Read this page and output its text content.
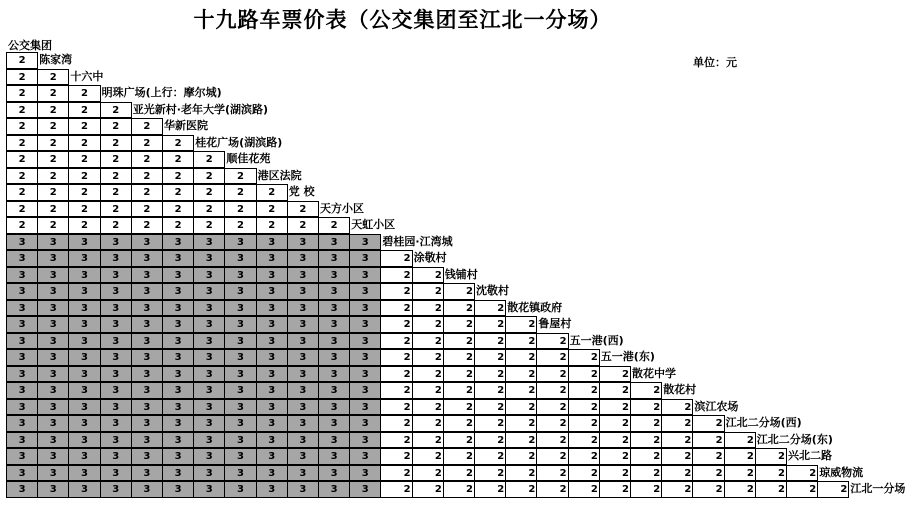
十九路车票价表（公交集团至江北一分场）
公交集团
单位：元
2	陈家湾
2	2	十六中
2	2	2	明珠广场(上行：摩尔城)
2	2	2	2	亚光新村·老年大学(湖滨路)
2	2	2	2	2	华新医院
2	2	2	2	2	2	桂花广场(湖滨路)
2	2	2	2	2	2	2	顺佳花苑
2	2	2	2	2	2	2	2	港区法院
2	2	2	2	2	2	2	2	2	党 校
2	2	2	2	2	2	2	2	2	2	天方小区
2	2	2	2	2	2	2	2	2	2	2	天虹小区
3	3	3	3	3	3	3	3	3	3	3	3	碧桂园·江湾城
3	3	3	3	3	3	3	3	3	3	3	3	2 涂敬村
3	3	3	3	3	3	3	3	3	3	3	3	2	2 钱铺村
3	3	3	3	3	3	3	3	3	3	3	3	2	2	2 沈敬村
3	3	3	3	3	3	3	3	3	3	3	3	2	2	2	2 散花镇政府
3	3	3	3	3	3	3	3	3	3	3	3	2	2	2	2	2 鲁屋村
3	3	3	3	3	3	3	3	3	3	3	3	2	2	2	2	2	2 五一港(西)
3	3	3	3	3	3	3	3	3	3	3	3	2	2	2	2	2	2	2 五一港(东)
3	3	3	3	3	3	3	3	3	3	3	3	2	2	2	2	2	2	2	2 散花中学
3	3	3	3	3	3	3	3	3	3	3	3	2	2	2	2	2	2	2	2	2 散花村
3	3	3	3	3	3	3	3	3	3	3	3	2	2	2	2	2	2	2	2	2	2 滨江农场
3	3	3	3	3	3	3	3	3	3	3	3	2	2	2	2	2	2	2	2	2	2	2 江北二分场(西)
3	3	3	3	3	3	3	3	3	3	3	3	2	2	2	2	2	2	2	2	2	2	2	2 江北二分场(东)
3	3	3	3	3	3	3	3	3	3	3	3	2	2	2	2	2	2	2	2	2	2	2	2	2 兴北二路
3	3	3	3	3	3	3	3	3	3	3	3	2	2	2	2	2	2	2	2	2	2	2	2	2	2 琼威物流
3	3	3	3	3	3	3	3	3	3	3	3	2	2	2	2	2	2	2	2	2	2	2	2	2	2	2 江北一分场
